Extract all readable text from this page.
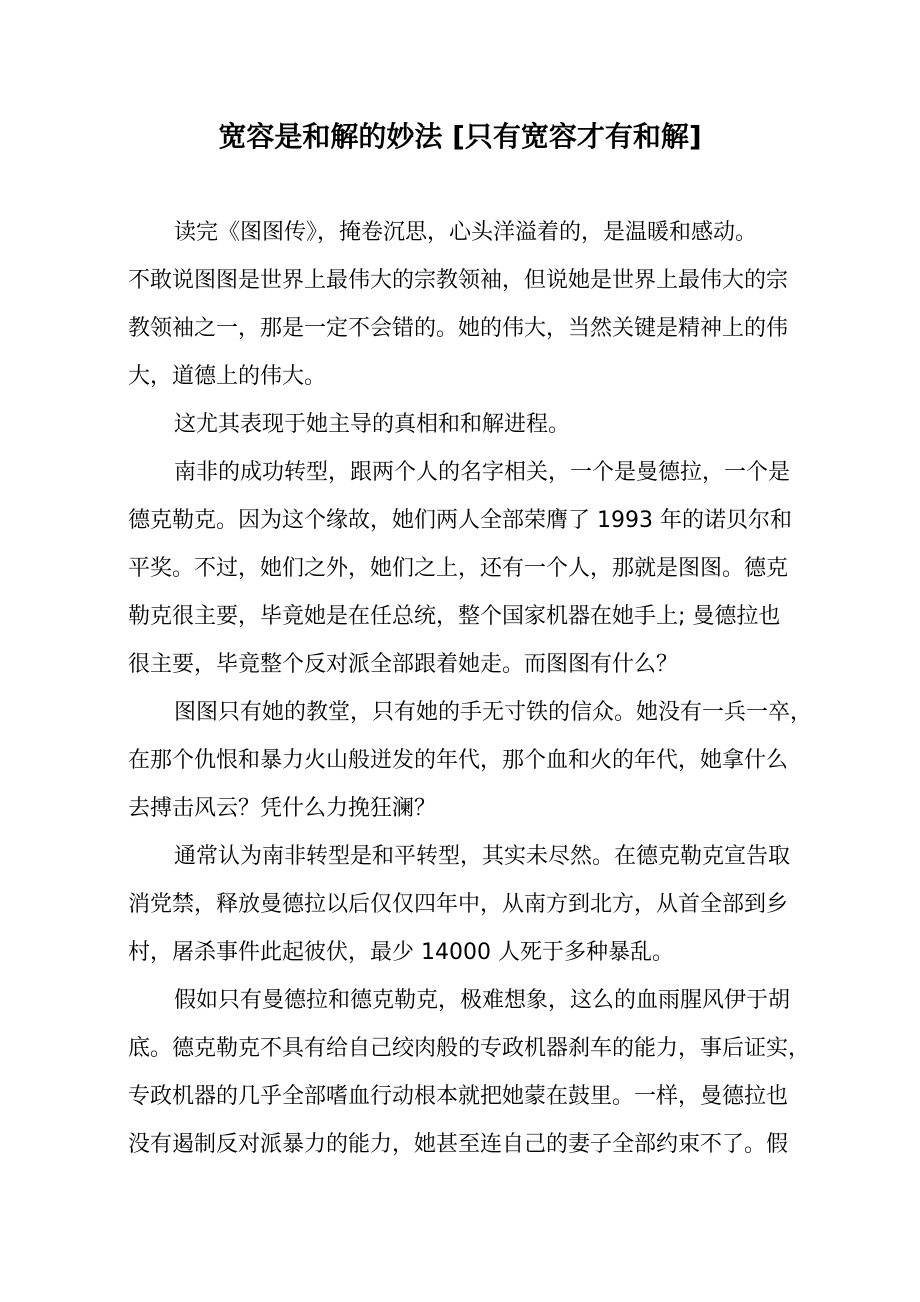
宽容是和解的妙法 [只有宽容才有和解]
读完《图图传》，掩卷沉思，心头洋溢着的，是温暖和感动。
不敢说图图是世界上最伟大的宗教领袖，但说她是世界上最伟大的宗
教领袖之一，那是一定不会错的。她的伟大，当然关键是精神上的伟
大，道德上的伟大。
这尤其表现于她主导的真相和和解进程。
南非的成功转型，跟两个人的名字相关，一个是曼德拉，一个是
德克勒克。因为这个缘故，她们两人全部荣膺了 1993 年的诺贝尔和
平奖。不过，她们之外，她们之上，还有一个人，那就是图图。德克
勒克很主要，毕竟她是在任总统，整个国家机器在她手上; 曼德拉也
很主要，毕竟整个反对派全部跟着她走。而图图有什么？
图图只有她的教堂，只有她的手无寸铁的信众。她没有一兵一卒，
在那个仇恨和暴力火山般迸发的年代，那个血和火的年代，她拿什么
去搏击风云？凭什么力挽狂澜？
通常认为南非转型是和平转型，其实未尽然。在德克勒克宣告取
消党禁，释放曼德拉以后仅仅四年中，从南方到北方，从首全部到乡
村，屠杀事件此起彼伏，最少 14000 人死于多种暴乱。
假如只有曼德拉和德克勒克，极难想象，这么的血雨腥风伊于胡
底。德克勒克不具有给自己绞肉般的专政机器刹车的能力，事后证实，
专政机器的几乎全部嗜血行动根本就把她蒙在鼓里。一样，曼德拉也
没有遏制反对派暴力的能力，她甚至连自己的妻子全部约束不了。假
